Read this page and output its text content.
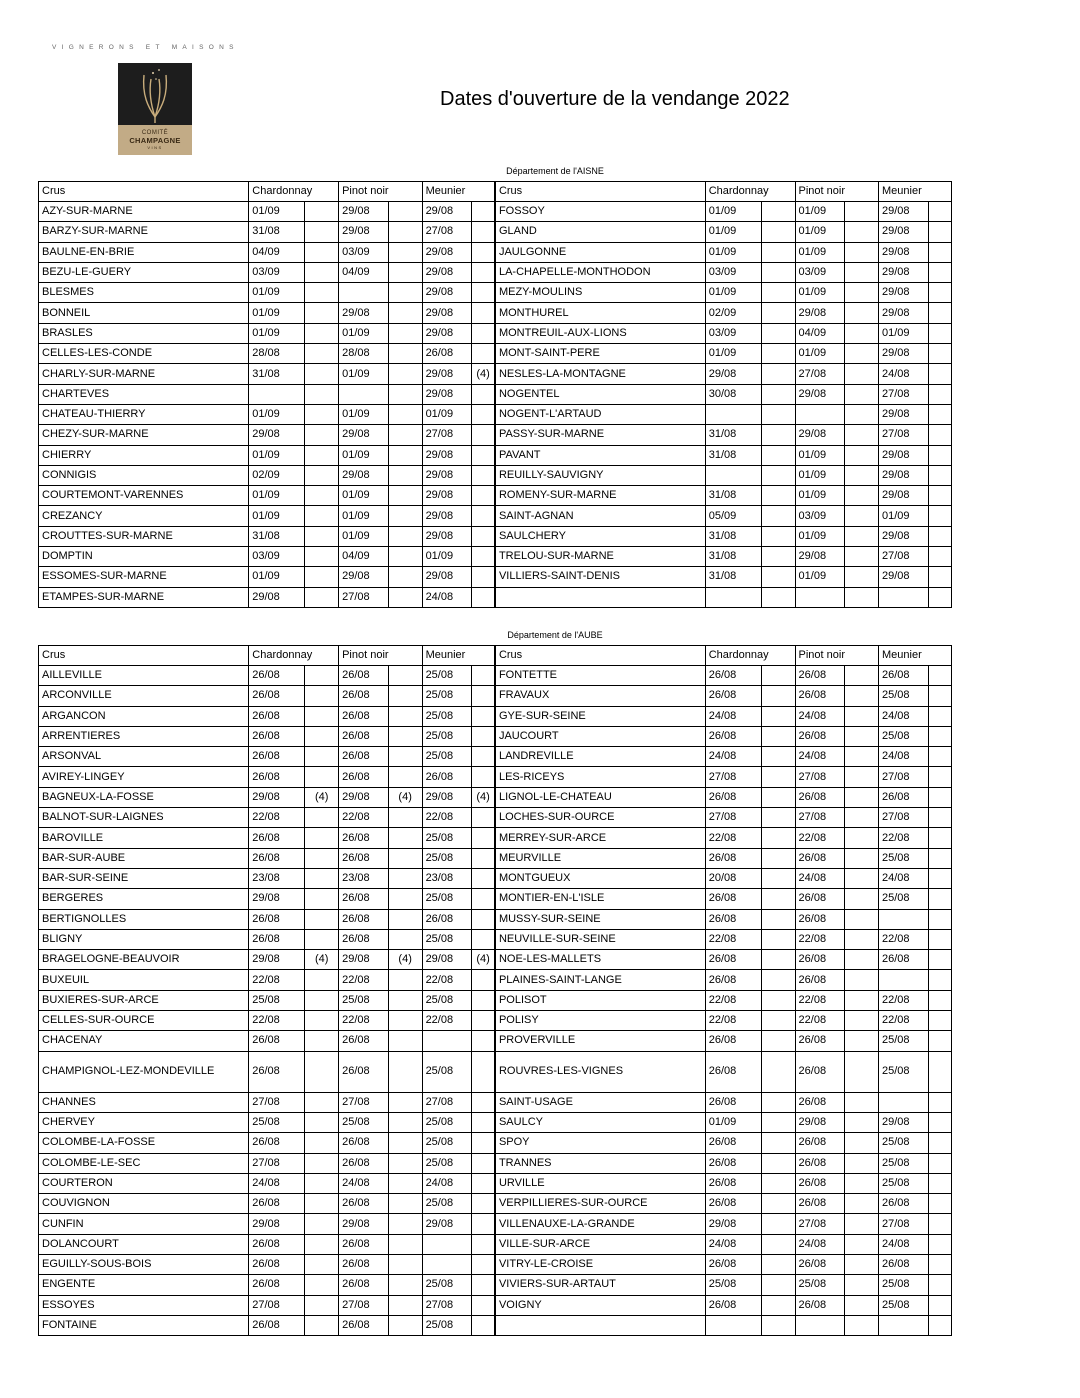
VIGNERONS ET MAISONS
COMITÉ
CHAMPAGNE
VINS
Dates d'ouverture de la vendange 2022
Département de l'AISNE
Crus	Chardonnay		Pinot noir		Meunier		Crus	Chardonnay		Pinot noir		Meunier	
AZY-SUR-MARNE	01/09		29/08		29/08		FOSSOY	01/09		01/09		29/08	
BARZY-SUR-MARNE	31/08		29/08		27/08		GLAND	01/09		01/09		29/08	
BAULNE-EN-BRIE	04/09		03/09		29/08		JAULGONNE	01/09		01/09		29/08	
BEZU-LE-GUERY	03/09		04/09		29/08		LA-CHAPELLE-MONTHODON	03/09		03/09		29/08	
BLESMES	01/09				29/08		MEZY-MOULINS	01/09		01/09		29/08	
BONNEIL	01/09		29/08		29/08		MONTHUREL	02/09		29/08		29/08	
BRASLES	01/09		01/09		29/08		MONTREUIL-AUX-LIONS	03/09		04/09		01/09	
CELLES-LES-CONDE	28/08		28/08		26/08		MONT-SAINT-PERE	01/09		01/09		29/08	
CHARLY-SUR-MARNE	31/08		01/09		29/08	(4)	NESLES-LA-MONTAGNE	29/08		27/08		24/08	
CHARTEVES					29/08		NOGENTEL	30/08		29/08		27/08	
CHATEAU-THIERRY	01/09		01/09		01/09		NOGENT-L'ARTAUD					29/08	
CHEZY-SUR-MARNE	29/08		29/08		27/08		PASSY-SUR-MARNE	31/08		29/08		27/08	
CHIERRY	01/09		01/09		29/08		PAVANT	31/08		01/09		29/08	
CONNIGIS	02/09		29/08		29/08		REUILLY-SAUVIGNY			01/09		29/08	
COURTEMONT-VARENNES	01/09		01/09		29/08		ROMENY-SUR-MARNE	31/08		01/09		29/08	
CREZANCY	01/09		01/09		29/08		SAINT-AGNAN	05/09		03/09		01/09	
CROUTTES-SUR-MARNE	31/08		01/09		29/08		SAULCHERY	31/08		01/09		29/08	
DOMPTIN	03/09		04/09		01/09		TRELOU-SUR-MARNE	31/08		29/08		27/08	
ESSOMES-SUR-MARNE	01/09		29/08		29/08		VILLIERS-SAINT-DENIS	31/08		01/09		29/08	
ETAMPES-SUR-MARNE	29/08		27/08		24/08								
Département de l'AUBE
Crus	Chardonnay		Pinot noir		Meunier		Crus	Chardonnay		Pinot noir		Meunier	
AILLEVILLE	26/08		26/08		25/08		FONTETTE	26/08		26/08		26/08	
ARCONVILLE	26/08		26/08		25/08		FRAVAUX	26/08		26/08		25/08	
ARGANCON	26/08		26/08		25/08		GYE-SUR-SEINE	24/08		24/08		24/08	
ARRENTIERES	26/08		26/08		25/08		JAUCOURT	26/08		26/08		25/08	
ARSONVAL	26/08		26/08		25/08		LANDREVILLE	24/08		24/08		24/08	
AVIREY-LINGEY	26/08		26/08		26/08		LES-RICEYS	27/08		27/08		27/08	
BAGNEUX-LA-FOSSE	29/08	(4)	29/08	(4)	29/08	(4)	LIGNOL-LE-CHATEAU	26/08		26/08		26/08	
BALNOT-SUR-LAIGNES	22/08		22/08		22/08		LOCHES-SUR-OURCE	27/08		27/08		27/08	
BAROVILLE	26/08		26/08		25/08		MERREY-SUR-ARCE	22/08		22/08		22/08	
BAR-SUR-AUBE	26/08		26/08		25/08		MEURVILLE	26/08		26/08		25/08	
BAR-SUR-SEINE	23/08		23/08		23/08		MONTGUEUX	20/08		24/08		24/08	
BERGERES	29/08		26/08		25/08		MONTIER-EN-L'ISLE	26/08		26/08		25/08	
BERTIGNOLLES	26/08		26/08		26/08		MUSSY-SUR-SEINE	26/08		26/08			
BLIGNY	26/08		26/08		25/08		NEUVILLE-SUR-SEINE	22/08		22/08		22/08	
BRAGELOGNE-BEAUVOIR	29/08	(4)	29/08	(4)	29/08	(4)	NOE-LES-MALLETS	26/08		26/08		26/08	
BUXEUIL	22/08		22/08		22/08		PLAINES-SAINT-LANGE	26/08		26/08			
BUXIERES-SUR-ARCE	25/08		25/08		25/08		POLISOT	22/08		22/08		22/08	
CELLES-SUR-OURCE	22/08		22/08		22/08		POLISY	22/08		22/08		22/08	
CHACENAY	26/08		26/08				PROVERVILLE	26/08		26/08		25/08	
CHAMPIGNOL-LEZ-MONDEVILLE	26/08		26/08		25/08		ROUVRES-LES-VIGNES	26/08		26/08		25/08	
CHANNES	27/08		27/08		27/08		SAINT-USAGE	26/08		26/08			
CHERVEY	25/08		25/08		25/08		SAULCY	01/09		29/08		29/08	
COLOMBE-LA-FOSSE	26/08		26/08		25/08		SPOY	26/08		26/08		25/08	
COLOMBE-LE-SEC	27/08		26/08		25/08		TRANNES	26/08		26/08		25/08	
COURTERON	24/08		24/08		24/08		URVILLE	26/08		26/08		25/08	
COUVIGNON	26/08		26/08		25/08		VERPILLIERES-SUR-OURCE	26/08		26/08		26/08	
CUNFIN	29/08		29/08		29/08		VILLENAUXE-LA-GRANDE	29/08		27/08		27/08	
DOLANCOURT	26/08		26/08				VILLE-SUR-ARCE	24/08		24/08		24/08	
EGUILLY-SOUS-BOIS	26/08		26/08				VITRY-LE-CROISE	26/08		26/08		26/08	
ENGENTE	26/08		26/08		25/08		VIVIERS-SUR-ARTAUT	25/08		25/08		25/08	
ESSOYES	27/08		27/08		27/08		VOIGNY	26/08		26/08		25/08	
FONTAINE	26/08		26/08		25/08								
